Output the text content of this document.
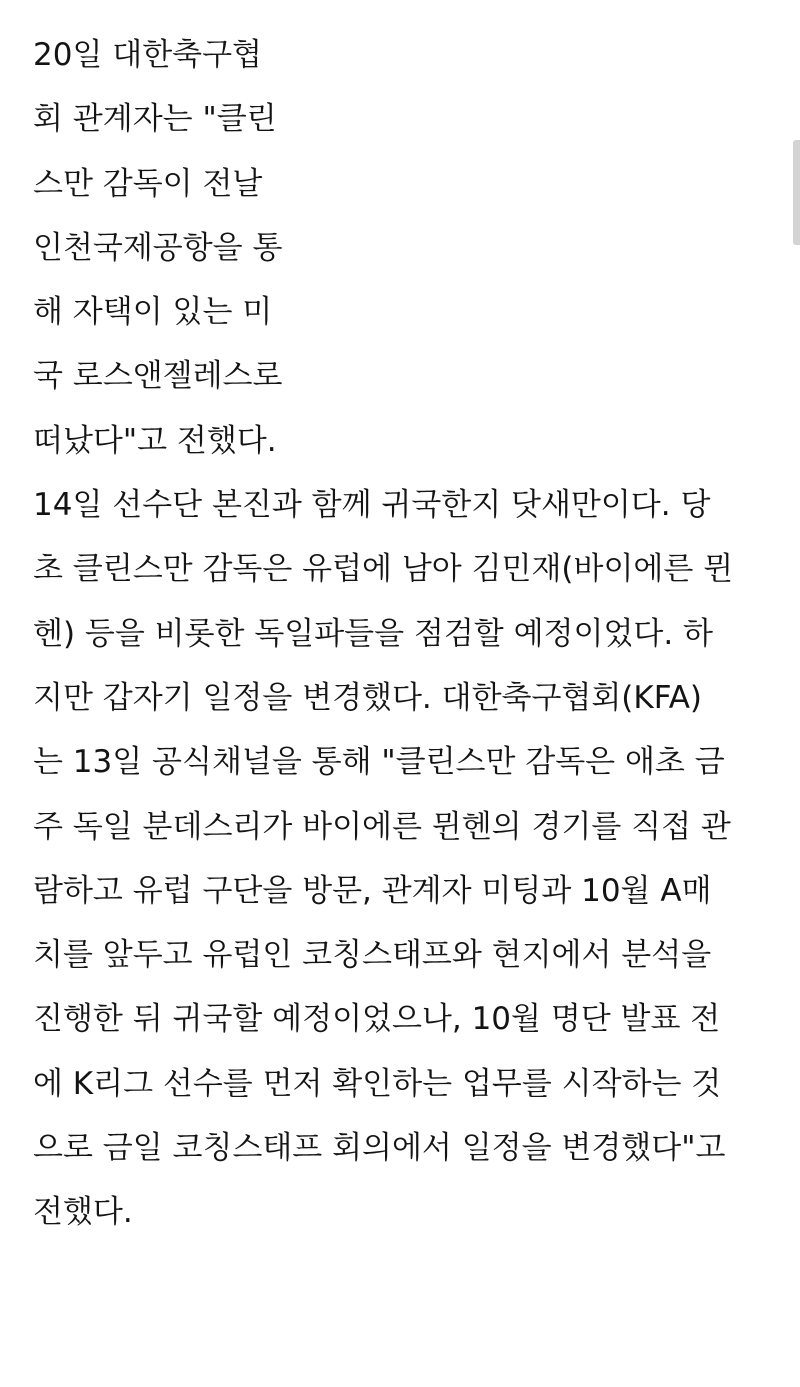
20일 대한축구협
회 관계자는 "클린
스만 감독이 전날
인천국제공항을 통
해 자택이 있는 미
국 로스앤젤레스로
떠났다"고 전했다.
14일 선수단 본진과 함께 귀국한지 닷새만이다. 당
초 클린스만 감독은 유럽에 남아 김민재(바이에른 뮌
헨) 등을 비롯한 독일파들을 점검할 예정이었다. 하
지만 갑자기 일정을 변경했다. 대한축구협회(KFA)
는 13일 공식채널을 통해 "클린스만 감독은 애초 금
주 독일 분데스리가 바이에른 뮌헨의 경기를 직접 관
람하고 유럽 구단을 방문, 관계자 미팅과 10월 A매
치를 앞두고 유럽인 코칭스태프와 현지에서 분석을
진행한 뒤 귀국할 예정이었으나, 10월 명단 발표 전
에 K리그 선수를 먼저 확인하는 업무를 시작하는 것
으로 금일 코칭스태프 회의에서 일정을 변경했다"고
전했다.
